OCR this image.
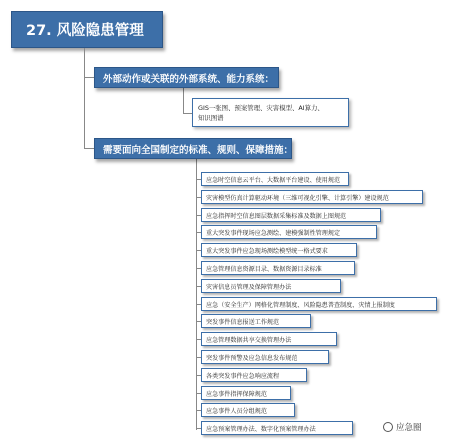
27. 风险隐患管理
外部动作或关联的外部系统、能力系统：
需要面向全国制定的标准、规则、保障措施：
GIS一张图、预案管理、灾害模型、AI算力、
知识图谱
应急时空信息云平台、大数据平台建设、使用规范
灾害模型仿真计算驱动环境（三维可视化引擎、计算引擎）建设规范
应急指挥时空信息图层数据采集标准及数据上图规范
重大突发事件现场应急测绘、建模强制性管理规定
重大突发事件应急现场测绘模型统一格式要求
应急管理信息资源目录、数据资源目录标准
灾害信息员管理及保障管理办法
应急（安全生产）网格化管理制度、风险隐患普查制度、灾情上报制度
突发事件信息报送工作规范
应急管理数据共享交换管理办法
突发事件预警及应急信息发布规范
各类突发事件应急响应流程
应急事件指挥保障规范
应急事件人员分组规范
应急预案管理办法、数字化预案管理办法	应急圈
